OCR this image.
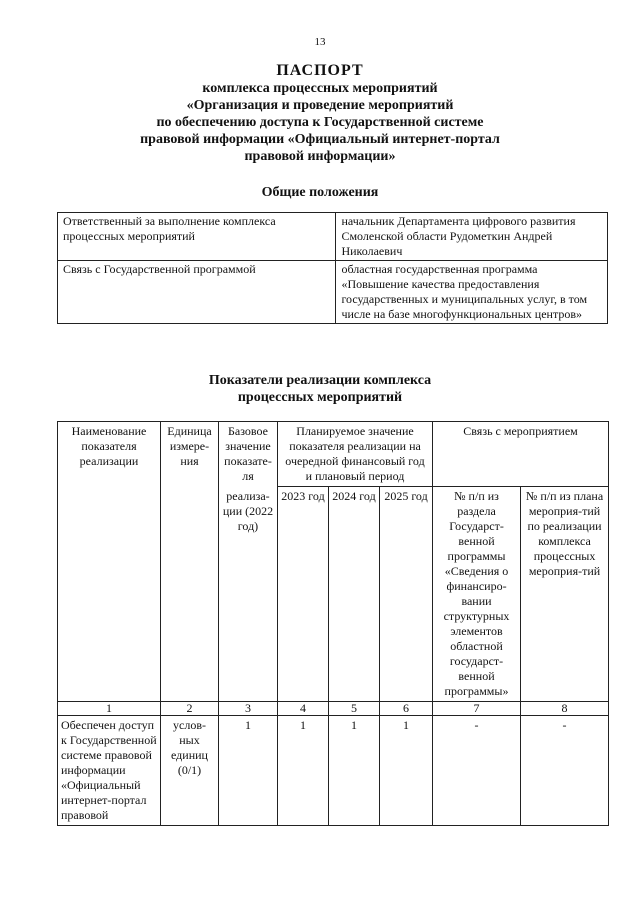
13
ПАСПОРТ
комплекса процессных мероприятий
«Организация и проведение мероприятий
по обеспечению доступа к Государственной системе
правовой информации «Официальный интернет-портал
правовой информации»
Общие положения
Ответственный за выполнение комплекса процессных мероприятий	начальник Департамента цифрового развития Смоленской области Рудометкин Андрей Николаевич
Связь с Государственной программой	областная государственная программа «Повышение качества предоставления государственных и муниципальных услуг, в том числе на базе многофункциональных центров»
Показатели реализации комплекса
процессных мероприятий
Наименование показателя реализации	Единица измере-ния	Базовое значение показате-ля	Планируемое значение показателя реализации на очередной финансовый год и плановый период			Связь с мероприятием	
		реализа-ции (2022 год)	2023 год	2024 год	2025 год	№ п/п из раздела Государст-венной программы «Сведения о финансиро-вании структурных элементов областной государст-венной программы»	№ п/п из плана мероприя-тий по реализации комплекса процессных мероприя-тий
1	2	3	4	5	6	7	8
Обеспечен доступ к Государственной системе правовой информации «Официальный интернет-портал правовой	услов-ных единиц (0/1)	1	1	1	1	-	-
